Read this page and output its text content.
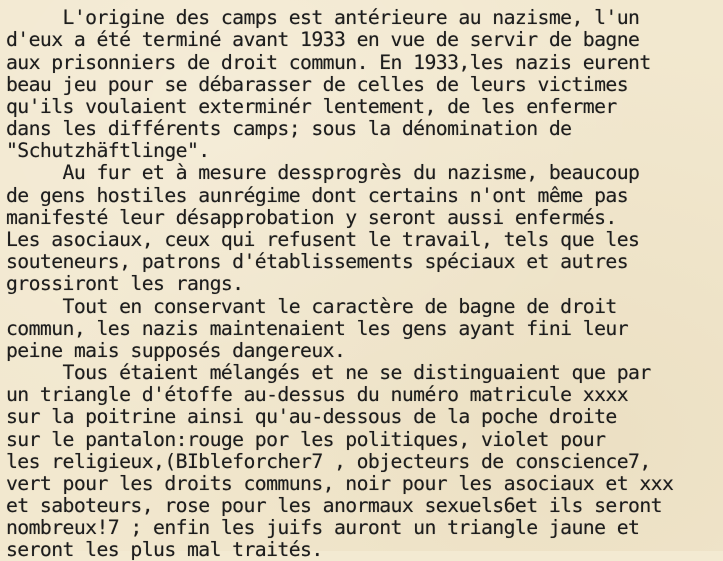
L'origine des camps est antérieure au nazisme, l'un
d'eux a été terminé avant 1933 en vue de servir de bagne
aux prisonniers de droit commun. En 1933,les nazis eurent
beau jeu pour se débarasser de celles de leurs victimes
qu'ils voulaient exterminér lentement, de les enfermer
dans les différents camps; sous la dénomination de
"Schutzhäftlinge".
Au fur et à mesure dessprogrès du nazisme, beaucoup
de gens hostiles aunrégime dont certains n'ont même pas
manifesté leur désapprobation y seront aussi enfermés.
Les asociaux, ceux qui refusent le travail, tels que les
souteneurs, patrons d'établissements spéciaux et autres
grossiront les rangs.
Tout en conservant le caractère de bagne de droit
commun, les nazis maintenaient les gens ayant fini leur
peine mais supposés dangereux.
Tous étaient mélangés et ne se distinguaient que par
un triangle d'étoffe au-dessus du numéro matricule xxxx
sur la poitrine ainsi qu'au-dessous de la poche droite
sur le pantalon:rouge por les politiques, violet pour
les religieux,(BIbleforcher7 , objecteurs de conscience7,
vert pour les droits communs, noir pour les asociaux et xxx
et saboteurs, rose pour les anormaux sexuels6et ils seront
nombreux!7 ; enfin les juifs auront un triangle jaune et
seront les plus mal traités.
